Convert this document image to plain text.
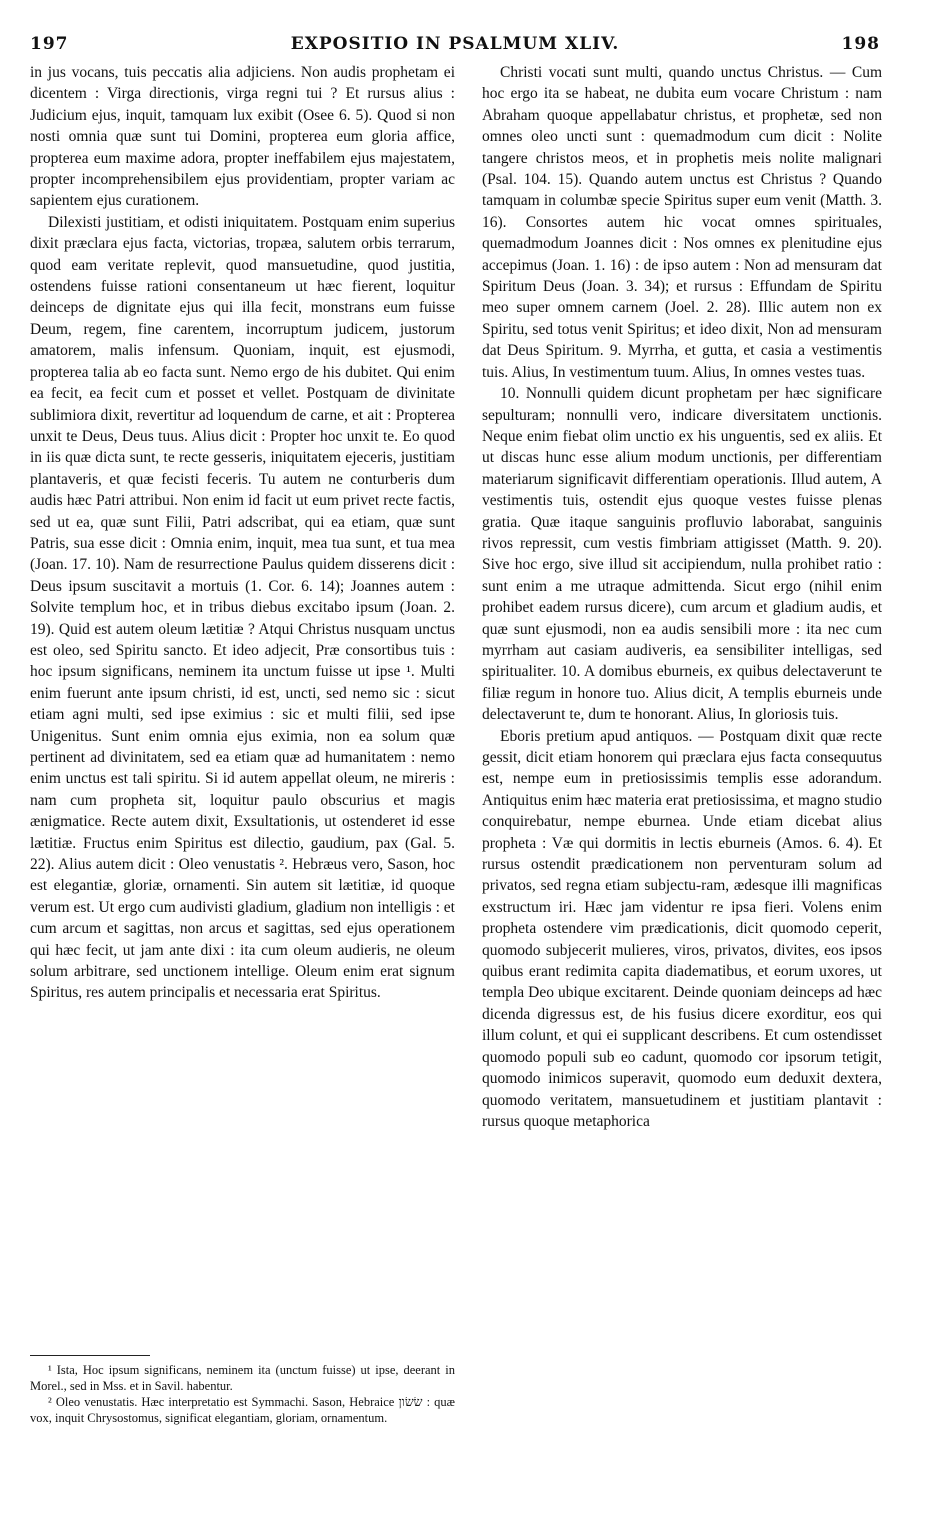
197	EXPOSITIO IN PSALMUM XLIV.	198

in jus vocans, tuis peccatis alia adjiciens. Non audis prophetam ei dicentem : Virga directionis, virga regni tui ? Et rursus alius : Judicium ejus, inquit, tamquam lux exibit (Osee 6. 5). Quod si non nosti omnia quæ sunt tui Domini, propterea eum gloria affice, propterea eum maxime adora, propter ineffabilem ejus majestatem, propter incomprehensibilem ejus providentiam, propter variam ac sapientem ejus curationem.

Dilexisti justitiam, et odisti iniquitatem. Postquam enim superius dixit præclara ejus facta, victorias, tropæa, salutem orbis terrarum, quod eam veritate replevit, quod mansuetudine, quod justitia, ostendens fuisse rationi consentaneum ut hæc fierent, loquitur deinceps de dignitate ejus qui illa fecit, monstrans eum fuisse Deum, regem, fine carentem, incorruptum judicem, justorum amatorem, malis infensum. Quoniam, inquit, est ejusmodi, propterea talia ab eo facta sunt. Nemo ergo de his dubitet. Qui enim ea fecit, ea fecit cum et posset et vellet. Postquam de divinitate sublimiora dixit, revertitur ad loquendum de carne, et ait : Propterea unxit te Deus, Deus tuus. Alius dicit : Propter hoc unxit te. Eo quod in iis quæ dicta sunt, te recte gesseris, iniquitatem ejeceris, justitiam plantaveris, et quæ fecisti feceris. Tu autem ne conturberis dum audis hæc Patri attribui. Non enim id facit ut eum privet recte factis, sed ut ea, quæ sunt Filii, Patri adscribat, qui ea etiam, quæ sunt Patris, sua esse dicit : Omnia enim, inquit, mea tua sunt, et tua mea (Joan. 17. 10). Nam de resurrectione Paulus quidem disserens dicit : Deus ipsum suscitavit a mortuis (1. Cor. 6. 14); Joannes autem : Solvite templum hoc, et in tribus diebus excitabo ipsum (Joan. 2. 19). Quid est autem oleum lætitiæ ? Atqui Christus nusquam unctus est oleo, sed Spiritu sancto. Et ideo adjecit, Præ consortibus tuis : hoc ipsum significans, neminem ita unctum fuisse ut ipse ¹. Multi enim fuerunt ante ipsum christi, id est, uncti, sed nemo sic : sicut etiam agni multi, sed ipse eximius : sic et multi filii, sed ipse Unigenitus. Sunt enim omnia ejus eximia, non ea solum quæ pertinent ad divinitatem, sed ea etiam quæ ad humanitatem : nemo enim unctus est tali spiritu. Si id autem appellat oleum, ne mireris : nam cum propheta sit, loquitur paulo obscurius et magis ænigmatice. Recte autem dixit, Exsultationis, ut ostenderet id esse lætitiæ. Fructus enim Spiritus est dilectio, gaudium, pax (Gal. 5. 22). Alius autem dicit : Oleo venustatis ². Hebræus vero, Sason, hoc est elegantiæ, gloriæ, ornamenti. Sin autem sit lætitiæ, id quoque verum est. Ut ergo cum audivisti gladium, gladium non intelligis : et cum arcum et sagittas, non arcus et sagittas, sed ejus operationem qui hæc fecit, ut jam ante dixi : ita cum oleum audieris, ne oleum solum arbitrare, sed unctionem intellige. Oleum enim erat signum Spiritus, res autem principalis et necessaria erat Spiritus.

¹ Ista, Hoc ipsum significans, neminem ita (unctum fuisse) ut ipse, deerant in Morel., sed in Mss. et in Savil. habentur.

² Oleo venustatis. Hæc interpretatio est Symmachi. Sason, Hebraice שׂשׂון : quæ vox, inquit Chrysostomus, significat elegantiam, gloriam, ornamentum.

Christi vocati sunt multi, quando unctus Christus. — Cum hoc ergo ita se habeat, ne dubita eum vocare Christum : nam Abraham quoque appellabatur christus, et prophetæ, sed non omnes oleo uncti sunt : quemadmodum cum dicit : Nolite tangere christos meos, et in prophetis meis nolite malignari (Psal. 104. 15). Quando autem unctus est Christus ? Quando tamquam in columbæ specie Spiritus super eum venit (Matth. 3. 16). Consortes autem hic vocat omnes spirituales, quemadmodum Joannes dicit : Nos omnes ex plenitudine ejus accepimus (Joan. 1. 16) : de ipso autem : Non ad mensuram dat Spiritum Deus (Joan. 3. 34); et rursus : Effundam de Spiritu meo super omnem carnem (Joel. 2. 28). Illic autem non ex Spiritu, sed totus venit Spiritus; et ideo dixit, Non ad mensuram dat Deus Spiritum. 9. Myrrha, et gutta, et casia a vestimentis tuis. Alius, In vestimentum tuum. Alius, In omnes vestes tuas.

10. Nonnulli quidem dicunt prophetam per hæc significare sepulturam; nonnulli vero, indicare diversitatem unctionis. Neque enim fiebat olim unctio ex his unguentis, sed ex aliis. Et ut discas hunc esse alium modum unctionis, per differentiam materiarum significavit differentiam operationis. Illud autem, A vestimentis tuis, ostendit ejus quoque vestes fuisse plenas gratia. Quæ itaque sanguinis profluvio laborabat, sanguinis rivos repressit, cum vestis fimbriam attigisset (Matth. 9. 20). Sive hoc ergo, sive illud sit accipiendum, nulla prohibet ratio : sunt enim a me utraque admittenda. Sicut ergo (nihil enim prohibet eadem rursus dicere), cum arcum et gladium audis, et quæ sunt ejusmodi, non ea audis sensibili more : ita nec cum myrrham aut casiam audiveris, ea sensibiliter intelligas, sed spiritualiter. 10. A domibus eburneis, ex quibus delectaverunt te filiæ regum in honore tuo. Alius dicit, A templis eburneis unde delectaverunt te, dum te honorant. Alius, In gloriosis tuis.

Eboris pretium apud antiquos. — Postquam dixit quæ recte gessit, dicit etiam honorem qui præclara ejus facta consequutus est, nempe eum in pretiosissimis templis esse adorandum. Antiquitus enim hæc materia erat pretiosissima, et magno studio conquirebatur, nempe eburnea. Unde etiam dicebat alius propheta : Væ qui dormitis in lectis eburneis (Amos. 6. 4). Et rursus ostendit prædicationem non perventuram solum ad privatos, sed regna etiam subjectu-ram, ædesque illi magnificas exstructum iri. Hæc jam videntur re ipsa fieri. Volens enim propheta ostendere vim prædicationis, dicit quomodo ceperit, quomodo subjecerit mulieres, viros, privatos, divites, eos ipsos quibus erant redimita capita diadematibus, et eorum uxores, ut templa Deo ubique excitarent. Deinde quoniam deinceps ad hæc dicenda digressus est, de his fusius dicere exorditur, eos qui illum colunt, et qui ei supplicant describens. Et cum ostendisset quomodo populi sub eo cadunt, quomodo cor ipsorum tetigit, quomodo inimicos superavit, quomodo eum deduxit dextera, quomodo veritatem, mansuetudinem et justitiam plantavit : rursus quoque metaphorica
